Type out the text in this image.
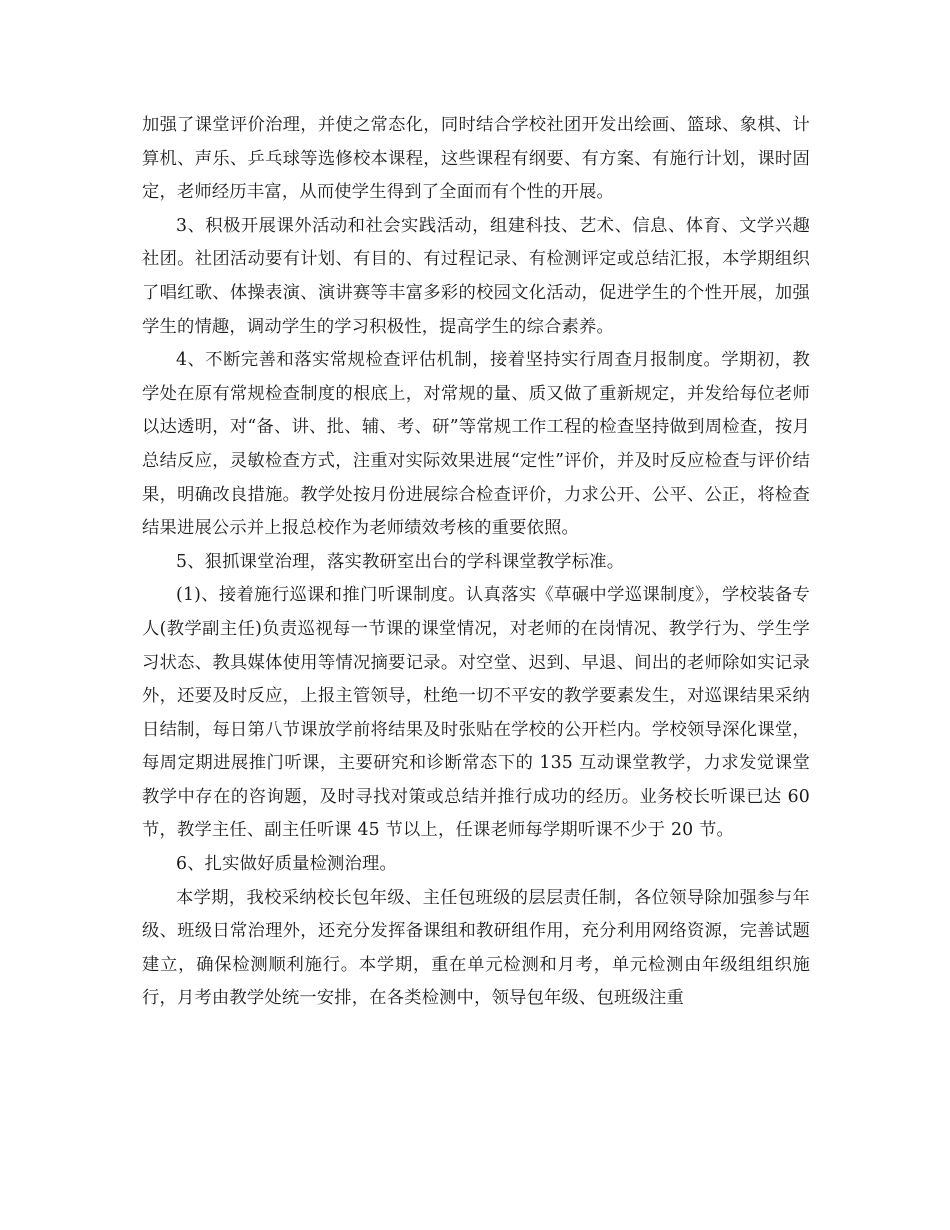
加强了课堂评价治理，并使之常态化，同时结合学校社团开发出绘画、篮球、象棋、计算机、声乐、乒乓球等选修校本课程，这些课程有纲要、有方案、有施行计划，课时固定，老师经历丰富，从而使学生得到了全面而有个性的开展。

3、积极开展课外活动和社会实践活动，组建科技、艺术、信息、体育、文学兴趣社团。社团活动要有计划、有目的、有过程记录、有检测评定或总结汇报，本学期组织了唱红歌、体操表演、演讲赛等丰富多彩的校园文化活动，促进学生的个性开展，加强学生的情趣，调动学生的学习积极性，提高学生的综合素养。

4、不断完善和落实常规检查评估机制，接着坚持实行周查月报制度。学期初，教学处在原有常规检查制度的根底上，对常规的量、质又做了重新规定，并发给每位老师以达透明，对“备、讲、批、辅、考、研”等常规工作工程的检查坚持做到周检查，按月总结反应，灵敏检查方式，注重对实际效果进展“定性”评价，并及时反应检查与评价结果，明确改良措施。教学处按月份进展综合检查评价，力求公开、公平、公正，将检查结果进展公示并上报总校作为老师绩效考核的重要依照。

5、狠抓课堂治理，落实教研室出台的学科课堂教学标准。

(1)、接着施行巡课和推门听课制度。认真落实《草碾中学巡课制度》，学校装备专人(教学副主任)负责巡视每一节课的课堂情况，对老师的在岗情况、教学行为、学生学习状态、教具媒体使用等情况摘要记录。对空堂、迟到、早退、间出的老师除如实记录外，还要及时反应，上报主管领导，杜绝一切不平安的教学要素发生，对巡课结果采纳日结制，每日第八节课放学前将结果及时张贴在学校的公开栏内。学校领导深化课堂，每周定期进展推门听课，主要研究和诊断常态下的 135 互动课堂教学，力求发觉课堂教学中存在的咨询题，及时寻找对策或总结并推行成功的经历。业务校长听课已达 60 节，教学主任、副主任听课 45 节以上，任课老师每学期听课不少于 20 节。

6、扎实做好质量检测治理。

本学期，我校采纳校长包年级、主任包班级的层层责任制，各位领导除加强参与年级、班级日常治理外，还充分发挥备课组和教研组作用，充分利用网络资源，完善试题建立，确保检测顺利施行。本学期，重在单元检测和月考，单元检测由年级组组织施行，月考由教学处统一安排，在各类检测中，领导包年级、包班级注重
